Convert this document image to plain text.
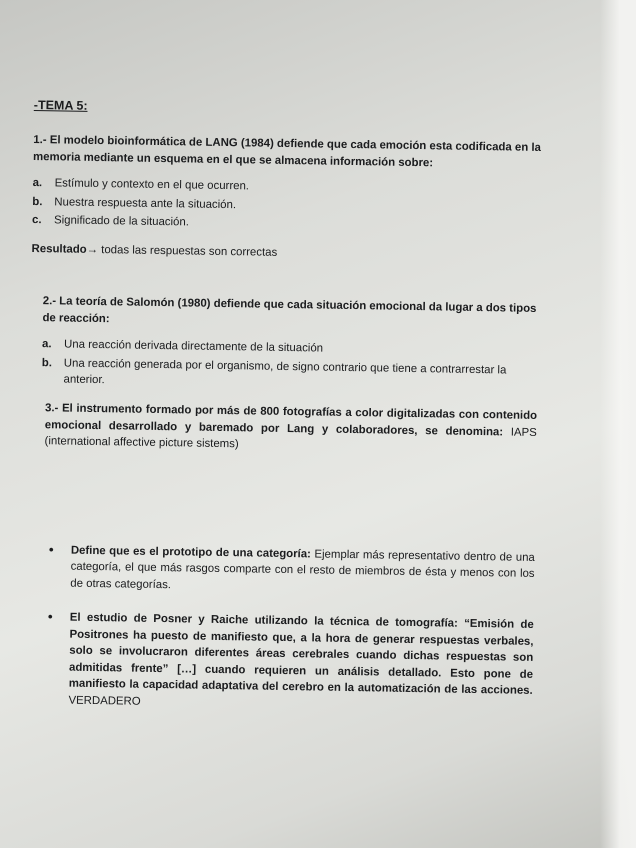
-TEMA 5:
1.- El modelo bioinformática de LANG (1984) defiende que cada emoción esta codificada en la memoria mediante un esquema en el que se almacena información sobre:
a.	Estímulo y contexto en el que ocurren.
b.	Nuestra respuesta ante la situación.
c.	Significado de la situación.
Resultado→ todas las respuestas son correctas
2.- La teoría de Salomón (1980) defiende que cada situación emocional da lugar a dos tipos de reacción:
a.	Una reacción derivada directamente de la situación
b.	Una reacción generada por el organismo, de signo contrario que tiene a contrarrestar la anterior.
3.- El instrumento formado por más de 800 fotografías a color digitalizadas con contenido emocional desarrollado y baremado por Lang y colaboradores, se denomina: IAPS (international affective picture sistems)
•	Define que es el prototipo de una categoría: Ejemplar más representativo dentro de una categoría, el que más rasgos comparte con el resto de miembros de ésta y menos con los de otras categorías.
•	El estudio de Posner y Raiche utilizando la técnica de tomografía: “Emisión de Positrones ha puesto de manifiesto que, a la hora de generar respuestas verbales, solo se involucraron diferentes áreas cerebrales cuando dichas respuestas son admitidas frente” […] cuando requieren un análisis detallado. Esto pone de manifiesto la capacidad adaptativa del cerebro en la automatización de las acciones. VERDADERO
